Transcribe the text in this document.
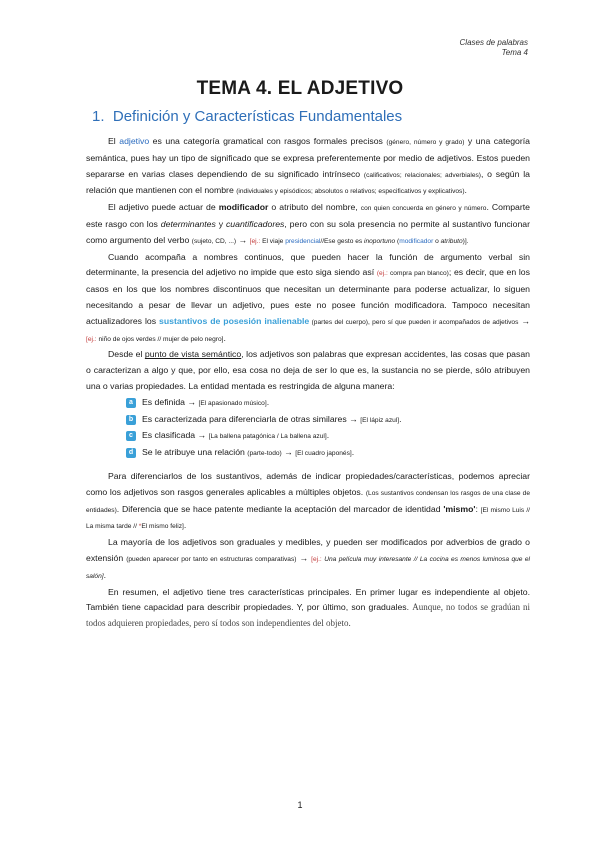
Clases de palabras
Tema 4
TEMA 4. EL ADJETIVO
1. Definición y Características Fundamentales

El adjetivo es una categoría gramatical con rasgos formales precisos (género, número y grado) y una categoría semántica, pues hay un tipo de significado que se expresa preferentemente por medio de adjetivos. Estos pueden separarse en varias clases dependiendo de su significado intrínseco (calificativos; relacionales; adverbiales), o según la relación que mantienen con el nombre (individuales y episódicos; absolutos o relativos; especificativos y explicativos).

El adjetivo puede actuar de modificador o atributo del nombre, con quien concuerda en género y número. Comparte este rasgo con los determinantes y cuantificadores, pero con su sola presencia no permite al sustantivo funcionar como argumento del verbo (sujeto, CD, ...) → [ej.: El viaje presidencial//Ese gesto es inoportuno (modificador o atributo)].

Cuando acompaña a nombres continuos, que pueden hacer la función de argumento verbal sin determinante, la presencia del adjetivo no impide que esto siga siendo así (ej.: compra pan blanco); es decir, que en los casos en los que los nombres discontinuos que necesitan un determinante para poderse actualizar, lo siguen necesitando a pesar de llevar un adjetivo, pues este no posee función modificadora. Tampoco necesitan actualizadores los sustantivos de posesión inalienable (partes del cuerpo), pero sí que pueden ir acompañados de adjetivos → [ej.: niño de ojos verdes // mujer de pelo negro].

Desde el punto de vista semántico, los adjetivos son palabras que expresan accidentes, las cosas que pasan o caracterizan a algo y que, por ello, esa cosa no deja de ser lo que es, la sustancia no se pierde, sólo atribuyen una o varias propiedades. La entidad mentada es restringida de alguna manera:

a	Es definida → [El apasionado músico].
b	Es caracterizada para diferenciarla de otras similares → [El lápiz azul].
c	Es clasificada → [La ballena patagónica / La ballena azul].
d	Se le atribuye una relación (parte-todo) → [El cuadro japonés].

Para diferenciarlos de los sustantivos, además de indicar propiedades/características, podemos apreciar como los adjetivos son rasgos generales aplicables a múltiples objetos. (Los sustantivos condensan los rasgos de una clase de entidades). Diferencia que se hace patente mediante la aceptación del marcador de identidad 'mismo': [El mismo Luis // La misma tarde // *El mismo feliz].

La mayoría de los adjetivos son graduales y medibles, y pueden ser modificados por adverbios de grado o extensión (pueden aparecer por tanto en estructuras comparativas) → [ej.: Una película muy interesante // La cocina es menos luminosa que el salón].

En resumen, el adjetivo tiene tres características principales. En primer lugar es independiente al objeto. También tiene capacidad para describir propiedades. Y, por último, son graduales. Aunque, no todos se gradúan ni todos adquieren propiedades, pero sí todos son independientes del objeto.

1
